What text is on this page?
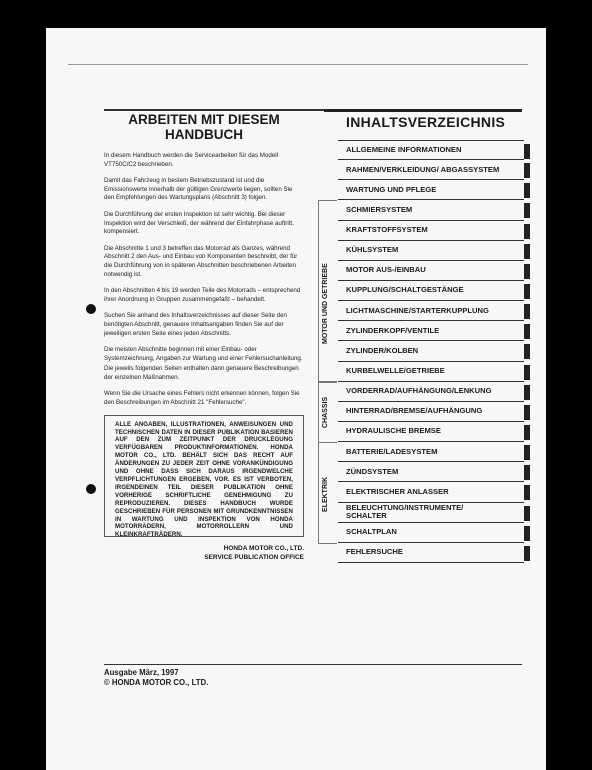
ARBEITEN MIT DIESEM
HANDBUCH

In diesem Handbuch werden die Servicearbeiten für das Modell VT750C/C2 beschrieben.

Damit das Fahrzeug in bestem Betriebszustand ist und die Emissionswerte innerhalb der gültigen Grenzwerte liegen, sollten Sie den Empfehlungen des Wartungsplans (Abschnitt 3) folgen.

Die Durchführung der ersten Inspektion ist sehr wichtig. Bei dieser Inspektion wird der Verschleiß, der während der Einfahrphase auftritt, kompensiert.

Die Abschnitte 1 und 3 betreffen das Motorrad als Ganzes, während Abschnitt 2 den Aus- und Einbau von Komponenten beschreibt, der für die Durchführung von in späteren Abschnitten beschriebenen Arbeiten notwendig ist.

In den Abschnitten 4 bis 19 werden Teile des Motorrads – entsprechend ihrer Anordnung in Gruppen zusammengefaßt – behandelt.

Suchen Sie anhand des Inhaltsverzeichnisses auf dieser Seite den benötigten Abschnitt, genauere Inhaltsangaben finden Sie auf der jeweiligen ersten Seite eines jeden Abschnitts.

Die meisten Abschnitte beginnen mit einer Einbau- oder Systemzeichnung, Angaben zur Wartung und einer Fehlersuchanleitung.

Die jeweils folgenden Seiten enthalten dann genauere Beschreibungen der einzelnen Maßnahmen.

Wenn Sie die Ursache eines Fehlers nicht erkennen können, folgen Sie den Beschreibungen im Abschnitt 21 "Fehlersuche".

ALLE ANGABEN, ILLUSTRATIONEN, ANWEISUNGEN UND TECHNISCHEN DATEN IN DIESER PUBLIKATION BASIEREN AUF DEN ZUM ZEITPUNKT DER DRUCKLEGUNG VERFÜGBAREN PRODUKTINFORMATIONEN. HONDA MOTOR CO., LTD. BEHÄLT SICH DAS RECHT AUF ÄNDERUNGEN ZU JEDER ZEIT OHNE VORANKÜNDIGUNG UND OHNE DASS SICH DARAUS IRGENDWELCHE VERPFLICHTUNGEN ERGEBEN, VOR. ES IST VERBOTEN, IRGENDEINEN TEIL DIESER PUBLIKATION OHNE VORHERIGE SCHRIFTLICHE GENEHMIGUNG ZU REPRODUZIEREN. DIESES HANDBUCH WURDE GESCHRIEBEN FÜR PERSONEN MIT GRUNDKENNTNISSEN IN WARTUNG UND INSPEKTION VON HONDA MOTORRÄDERN, MOTORROLLERN UND KLEINKRAFTRÄDERN.
HONDA MOTOR CO., LTD.
SERVICE PUBLICATION OFFICE
INHALTSVERZEICHNIS
MOTOR UND GETRIEBE
CHASSIS
ELEKTRIK
ALLGEMEINE INFORMATIONEN
RAHMEN/VERKLEIDUNG/ ABGASSYSTEM
WARTUNG UND PFLEGE
SCHMIERSYSTEM
KRAFTSTOFFSYSTEM
KÜHLSYSTEM
MOTOR AUS-/EINBAU
KUPPLUNG/SCHALTGESTÄNGE
LICHTMASCHINE/STARTERKUPPLUNG
ZYLINDERKOPF/VENTILE
ZYLINDER/KOLBEN
KURBELWELLE/GETRIEBE
VORDERRAD/AUFHÄNGUNG/LENKUNG
HINTERRAD/BREMSE/AUFHÄNGUNG
HYDRAULISCHE BREMSE
BATTERIE/LADESYSTEM
ZÜNDSYSTEM
ELEKTRISCHER ANLASSER
BELEUCHTUNG/INSTRUMENTE/ SCHALTER
SCHALTPLAN
FEHLERSUCHE
Ausgabe März, 1997
© HONDA MOTOR CO., LTD.
